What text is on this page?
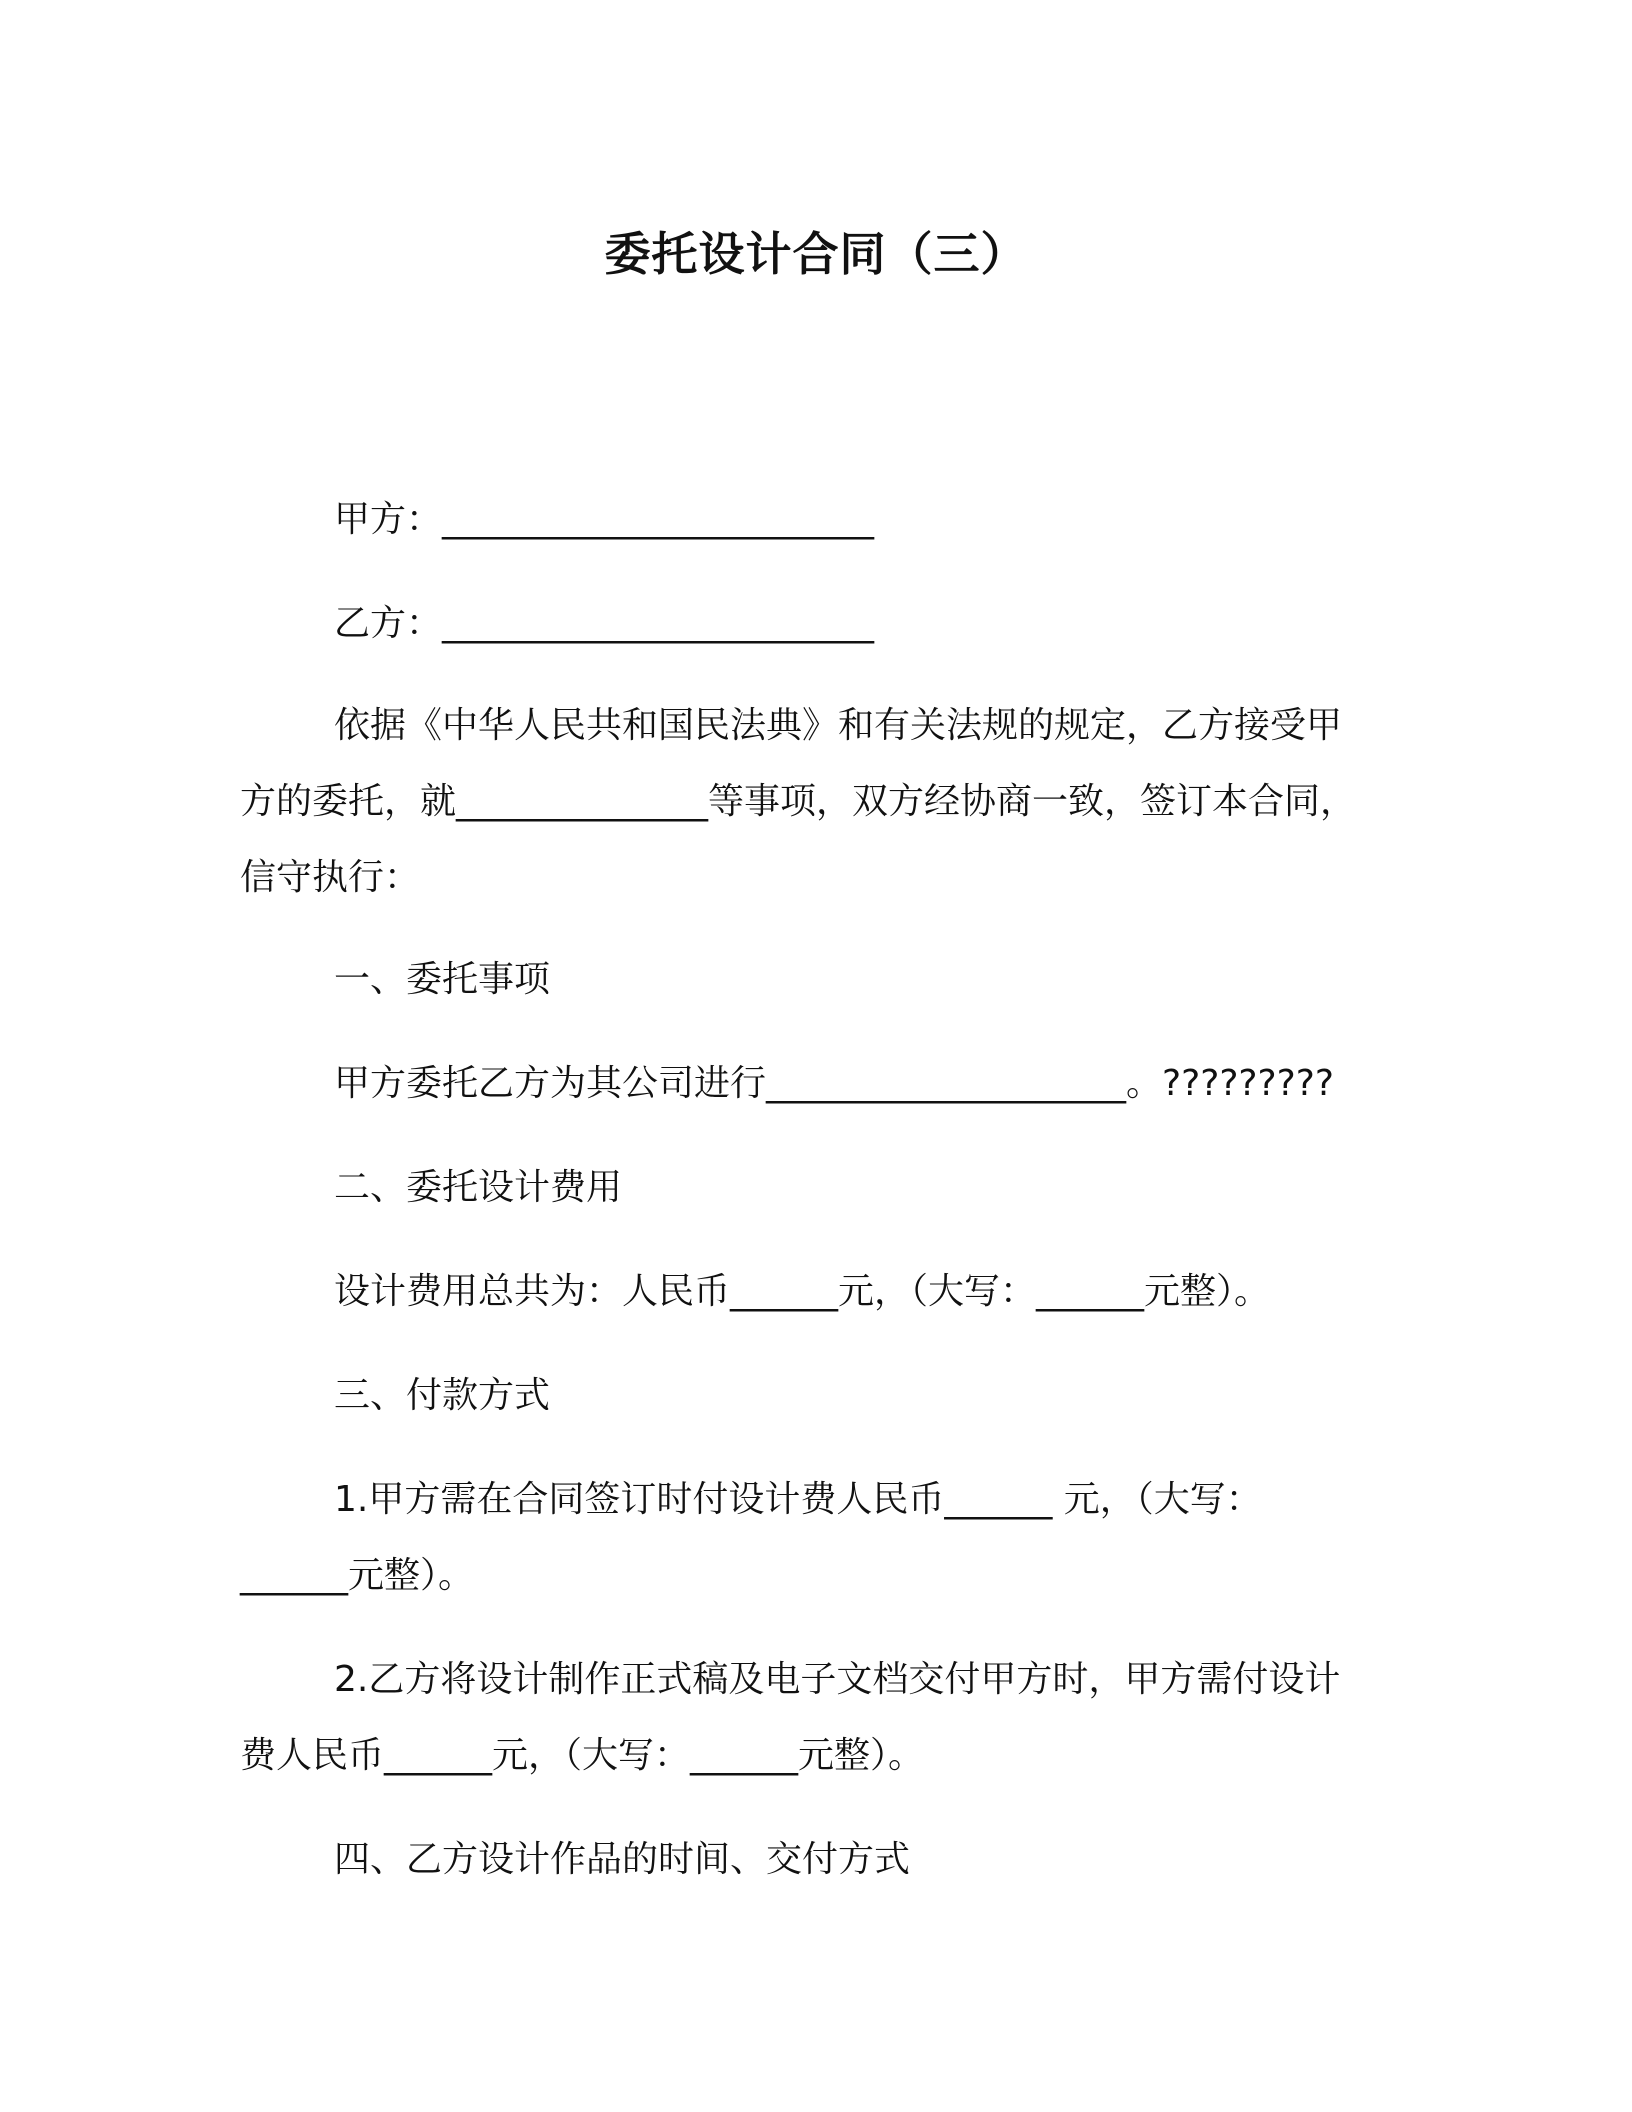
委托设计合同（三）
甲方：________________________
乙方：________________________
依据《中华人民共和国民法典》和有关法规的规定，乙方接受甲
方的委托，就______________等事项，双方经协商一致，签订本合同，
信守执行：
一、委托事项
甲方委托乙方为其公司进行____________________。?????????
二、委托设计费用
设计费用总共为：人民币______元，（大写：______元整）。
三、付款方式
1.甲方需在合同签订时付设计费人民币______ 元，（大写：
______元整）。
2.乙方将设计制作正式稿及电子文档交付甲方时，甲方需付设计
费人民币______元，（大写：______元整）。
四、乙方设计作品的时间、交付方式
